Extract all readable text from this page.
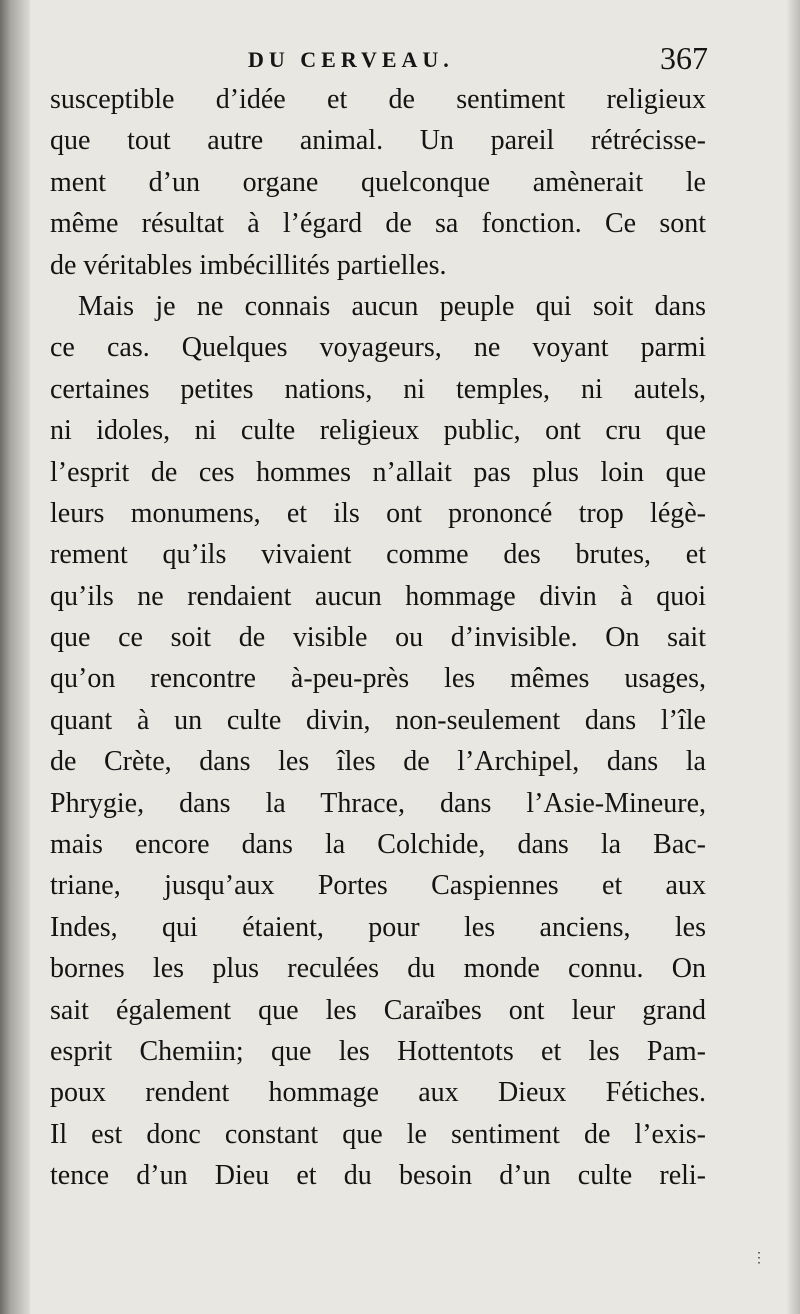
DU CERVEAU.	367
susceptible d’idée et de sentiment religieux
que tout autre animal. Un pareil rétrécisse-
ment d’un organe quelconque amènerait le
même résultat à l’égard de sa fonction. Ce sont
de véritables imbécillités partielles.
Mais je ne connais aucun peuple qui soit dans
ce cas. Quelques voyageurs, ne voyant parmi
certaines petites nations, ni temples, ni autels,
ni idoles, ni culte religieux public, ont cru que
l’esprit de ces hommes n’allait pas plus loin que
leurs monumens, et ils ont prononcé trop légè-
rement qu’ils vivaient comme des brutes, et
qu’ils ne rendaient aucun hommage divin à quoi
que ce soit de visible ou d’invisible. On sait
qu’on rencontre à-peu-près les mêmes usages,
quant à un culte divin, non-seulement dans l’île
de Crète, dans les îles de l’Archipel, dans la
Phrygie, dans la Thrace, dans l’Asie-Mineure,
mais encore dans la Colchide, dans la Bac-
triane, jusqu’aux Portes Caspiennes et aux
Indes, qui étaient, pour les anciens, les
bornes les plus reculées du monde connu. On
sait également que les Caraïbes ont leur grand
esprit Chemiin; que les Hottentots et les Pam-
poux rendent hommage aux Dieux Fétiches.
Il est donc constant que le sentiment de l’exis-
tence d’un Dieu et du besoin d’un culte reli-
⋮
